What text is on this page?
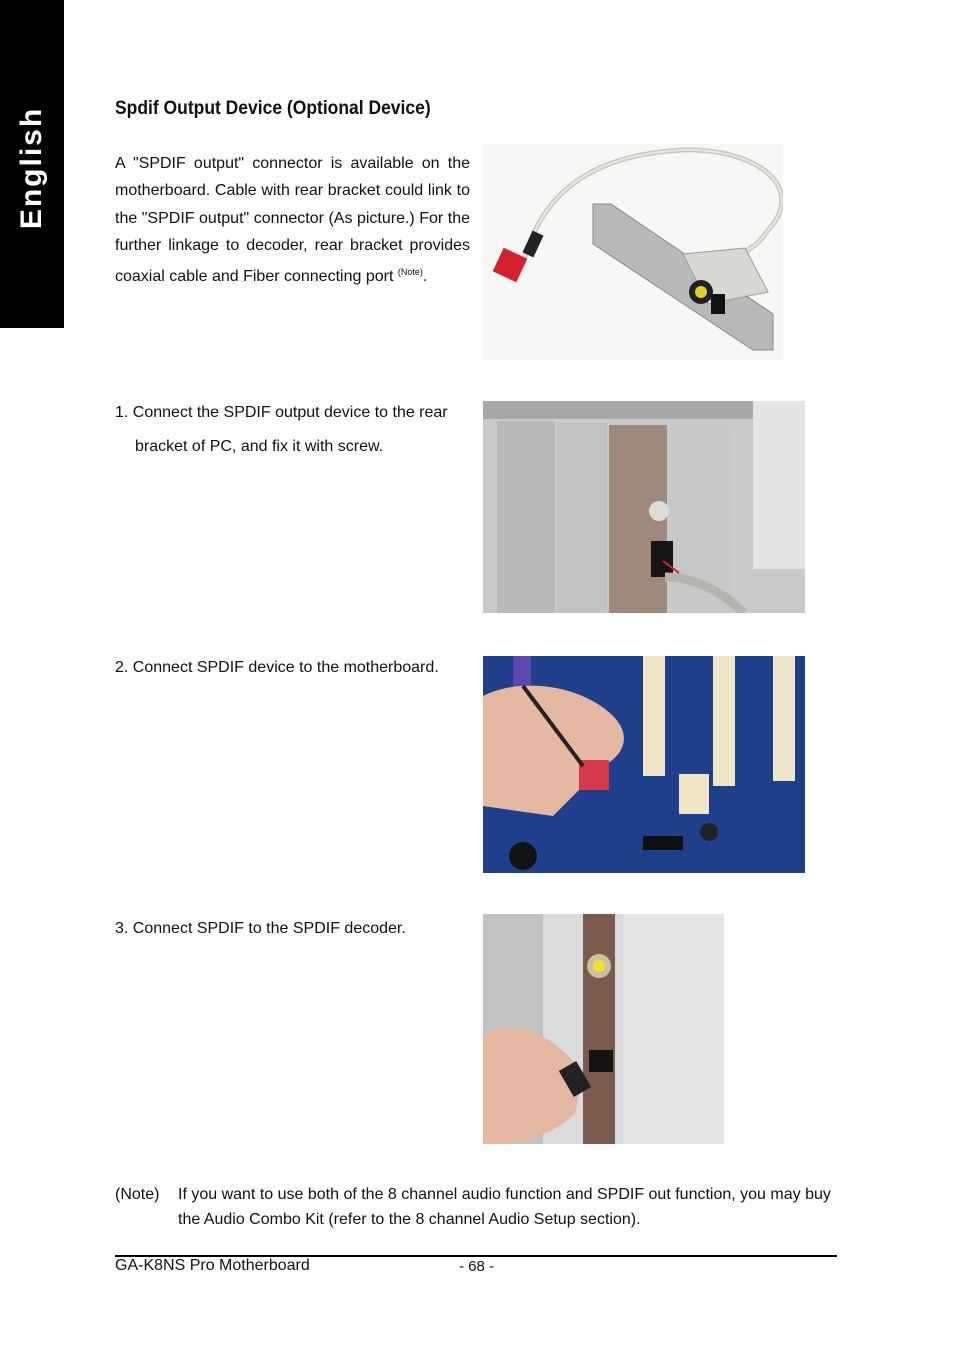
English	Spdif Output Device (Optional Device)
A "SPDIF output" connector is available on the motherboard. Cable with rear bracket could link to the "SPDIF output" connector (As picture.) For the further linkage to decoder, rear bracket provides coaxial cable and Fiber connecting port $^{(Note)}$.
1. Connect the SPDIF output device to the rear
bracket of PC, and fix it with screw.
2. Connect SPDIF device to the motherboard.
3. Connect SPDIF to the SPDIF decoder.
(Note) If you want to use both of the 8 channel audio function and SPDIF out function, you may buy the Audio Combo Kit (refer to the 8 channel Audio Setup section).
GA-K8NS Pro Motherboard	- 68 -
